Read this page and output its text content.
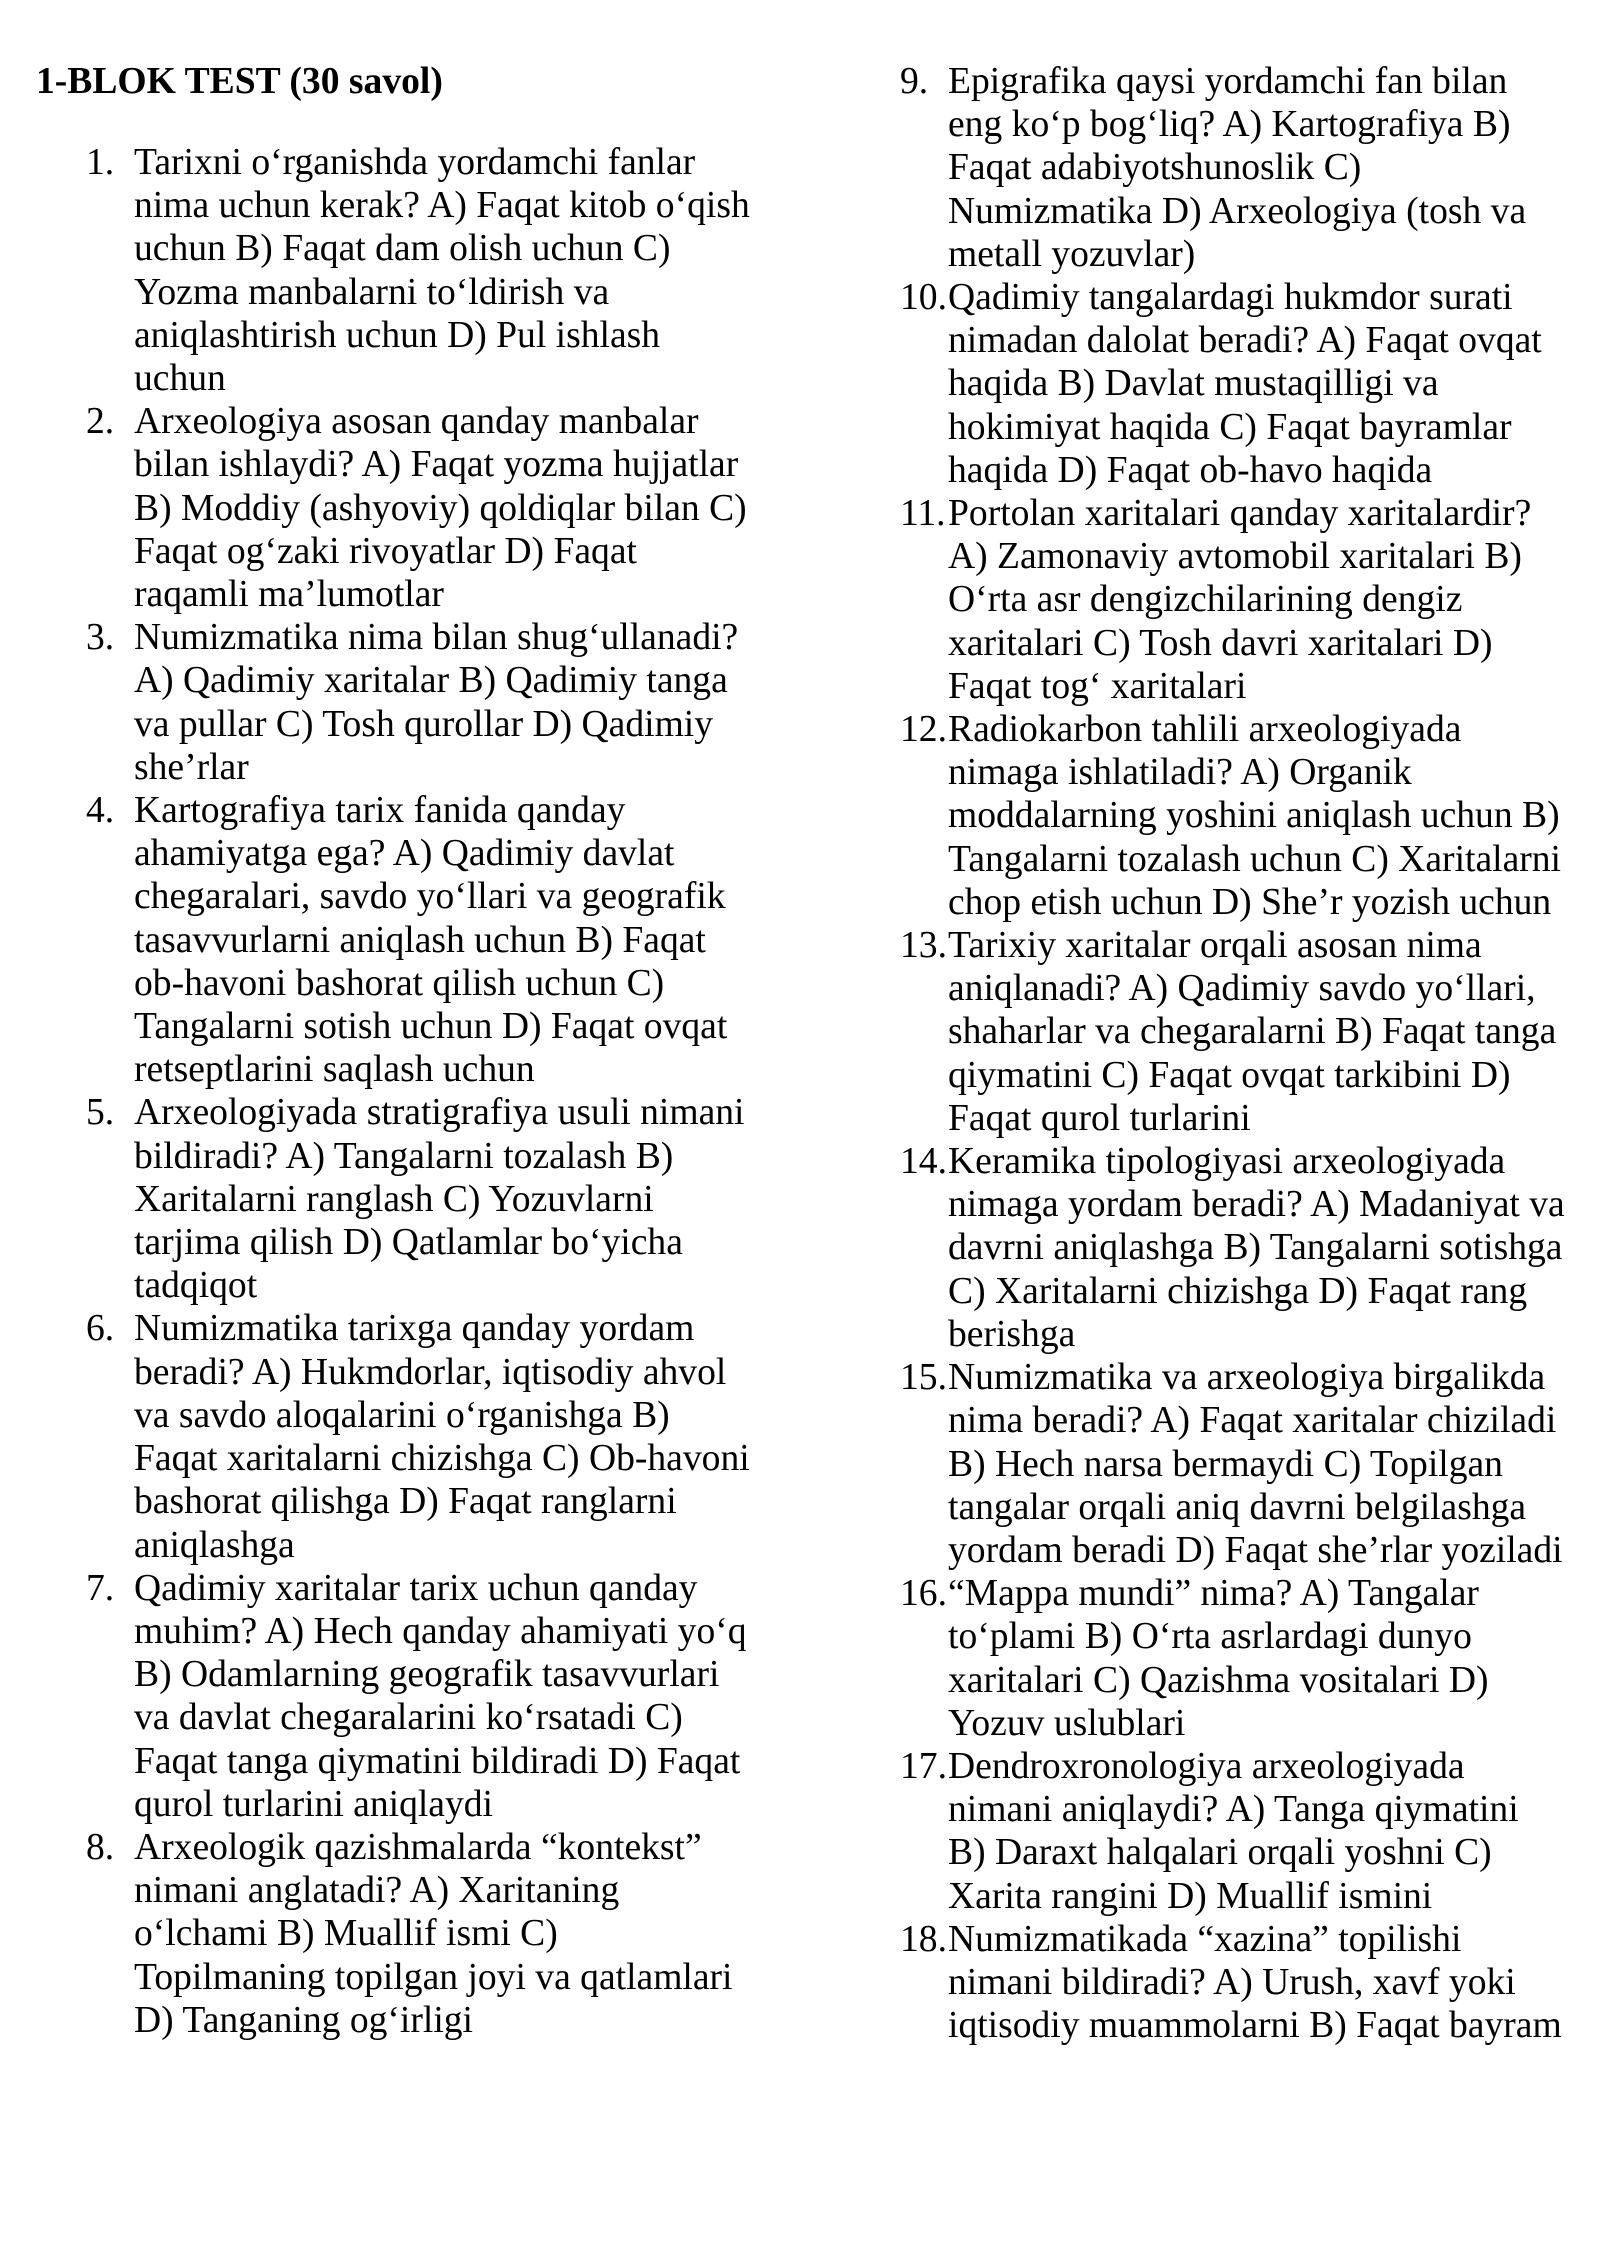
1-BLOK TEST (30 savol)
1. Tarixni o‘rganishda yordamchi fanlar
nima uchun kerak? A) Faqat kitob o‘qish
uchun B) Faqat dam olish uchun C)
Yozma manbalarni to‘ldirish va
aniqlashtirish uchun D) Pul ishlash
uchun
2. Arxeologiya asosan qanday manbalar
bilan ishlaydi? A) Faqat yozma hujjatlar
B) Moddiy (ashyoviy) qoldiqlar bilan C)
Faqat og‘zaki rivoyatlar D) Faqat
raqamli ma’lumotlar
3. Numizmatika nima bilan shug‘ullanadi?
A) Qadimiy xaritalar B) Qadimiy tanga
va pullar C) Tosh qurollar D) Qadimiy
she’rlar
4. Kartografiya tarix fanida qanday
ahamiyatga ega? A) Qadimiy davlat
chegaralari, savdo yo‘llari va geografik
tasavvurlarni aniqlash uchun B) Faqat
ob-havoni bashorat qilish uchun C)
Tangalarni sotish uchun D) Faqat ovqat
retseptlarini saqlash uchun
5. Arxeologiyada stratigrafiya usuli nimani
bildiradi? A) Tangalarni tozalash B)
Xaritalarni ranglash C) Yozuvlarni
tarjima qilish D) Qatlamlar bo‘yicha
tadqiqot
6. Numizmatika tarixga qanday yordam
beradi? A) Hukmdorlar, iqtisodiy ahvol
va savdo aloqalarini o‘rganishga B)
Faqat xaritalarni chizishga C) Ob-havoni
bashorat qilishga D) Faqat ranglarni
aniqlashga
7. Qadimiy xaritalar tarix uchun qanday
muhim? A) Hech qanday ahamiyati yo‘q
B) Odamlarning geografik tasavvurlari
va davlat chegaralarini ko‘rsatadi C)
Faqat tanga qiymatini bildiradi D) Faqat
qurol turlarini aniqlaydi
8. Arxeologik qazishmalarda “kontekst”
nimani anglatadi? A) Xaritaning
o‘lchami B) Muallif ismi C)
Topilmaning topilgan joyi va qatlamlari
D) Tanganing og‘irligi
9. Epigrafika qaysi yordamchi fan bilan
eng ko‘p bog‘liq? A) Kartografiya B)
Faqat adabiyotshunoslik C)
Numizmatika D) Arxeologiya (tosh va
metall yozuvlar)
10. Qadimiy tangalardagi hukmdor surati
nimadan dalolat beradi? A) Faqat ovqat
haqida B) Davlat mustaqilligi va
hokimiyat haqida C) Faqat bayramlar
haqida D) Faqat ob-havo haqida
11. Portolan xaritalari qanday xaritalardir?
A) Zamonaviy avtomobil xaritalari B)
O‘rta asr dengizchilarining dengiz
xaritalari C) Tosh davri xaritalari D)
Faqat tog‘ xaritalari
12. Radiokarbon tahlili arxeologiyada
nimaga ishlatiladi? A) Organik
moddalarning yoshini aniqlash uchun B)
Tangalarni tozalash uchun C) Xaritalarni
chop etish uchun D) She’r yozish uchun
13. Tarixiy xaritalar orqali asosan nima
aniqlanadi? A) Qadimiy savdo yo‘llari,
shaharlar va chegaralarni B) Faqat tanga
qiymatini C) Faqat ovqat tarkibini D)
Faqat qurol turlarini
14. Keramika tipologiyasi arxeologiyada
nimaga yordam beradi? A) Madaniyat va
davrni aniqlashga B) Tangalarni sotishga
C) Xaritalarni chizishga D) Faqat rang
berishga
15. Numizmatika va arxeologiya birgalikda
nima beradi? A) Faqat xaritalar chiziladi
B) Hech narsa bermaydi C) Topilgan
tangalar orqali aniq davrni belgilashga
yordam beradi D) Faqat she’rlar yoziladi
16. “Mappa mundi” nima? A) Tangalar
to‘plami B) O‘rta asrlardagi dunyo
xaritalari C) Qazishma vositalari D)
Yozuv uslublari
17. Dendroxronologiya arxeologiyada
nimani aniqlaydi? A) Tanga qiymatini
B) Daraxt halqalari orqali yoshni C)
Xarita rangini D) Muallif ismini
18. Numizmatikada “xazina” topilishi
nimani bildiradi? A) Urush, xavf yoki
iqtisodiy muammolarni B) Faqat bayram
